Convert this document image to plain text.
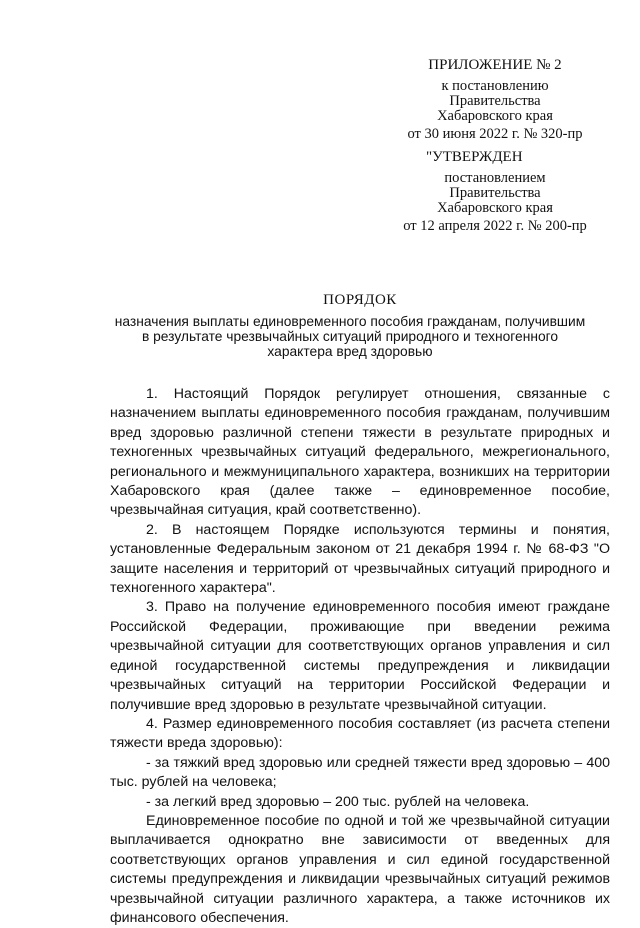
ПРИЛОЖЕНИЕ № 2
к постановлению
Правительства
Хабаровского края
от 30 июня 2022 г. № 320-пр
"УТВЕРЖДЕН
постановлением
Правительства
Хабаровского края
от 12 апреля 2022 г. № 200-пр
ПОРЯДОК
назначения выплаты единовременного пособия гражданам, получившим в результате чрезвычайных ситуаций природного и техногенного характера вред здоровью

1. Настоящий Порядок регулирует отношения, связанные с назначением выплаты единовременного пособия гражданам, получившим вред здоровью различной степени тяжести в результате природных и техногенных чрезвычайных ситуаций федерального, межрегионального, регионального и межмуниципального характера, возникших на территории Хабаровского края (далее также – единовременное пособие, чрезвычайная ситуация, край соответственно).

2. В настоящем Порядке используются термины и понятия, установленные Федеральным законом от 21 декабря 1994 г. № 68-ФЗ "О защите населения и территорий от чрезвычайных ситуаций природного и техногенного характера".

3. Право на получение единовременного пособия имеют граждане Российской Федерации, проживающие при введении режима чрезвычайной ситуации для соответствующих органов управления и сил единой государственной системы предупреждения и ликвидации чрезвычайных ситуаций на территории Российской Федерации и получившие вред здоровью в результате чрезвычайной ситуации.

4. Размер единовременного пособия составляет (из расчета степени тяжести вреда здоровью):

- за тяжкий вред здоровью или средней тяжести вред здоровью – 400 тыс. рублей на человека;

- за легкий вред здоровью – 200 тыс. рублей на человека.

Единовременное пособие по одной и той же чрезвычайной ситуации выплачивается однократно вне зависимости от введенных для соответствующих органов управления и сил единой государственной системы предупреждения и ликвидации чрезвычайных ситуаций режимов чрезвычайной ситуации различного характера, а также источников их финансового обеспечения.
